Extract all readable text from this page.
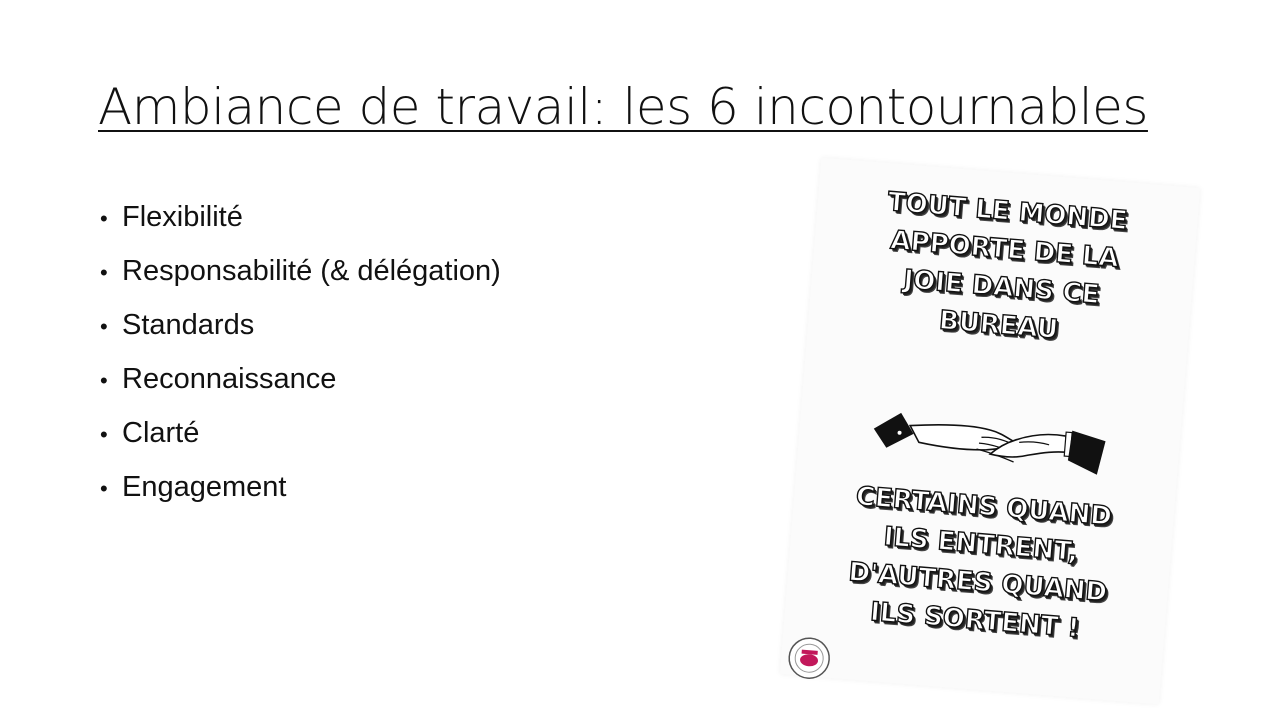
Ambiance de travail: les 6 incontournables
• Flexibilité
• Responsabilité (& délégation)
• Standards
• Reconnaissance
• Clarté
• Engagement
TOUT LE MONDE
APPORTE DE LA
JOIE DANS CE
BUREAU
CERTAINS QUAND
ILS ENTRENT,
D'AUTRES QUAND
ILS SORTENT !
